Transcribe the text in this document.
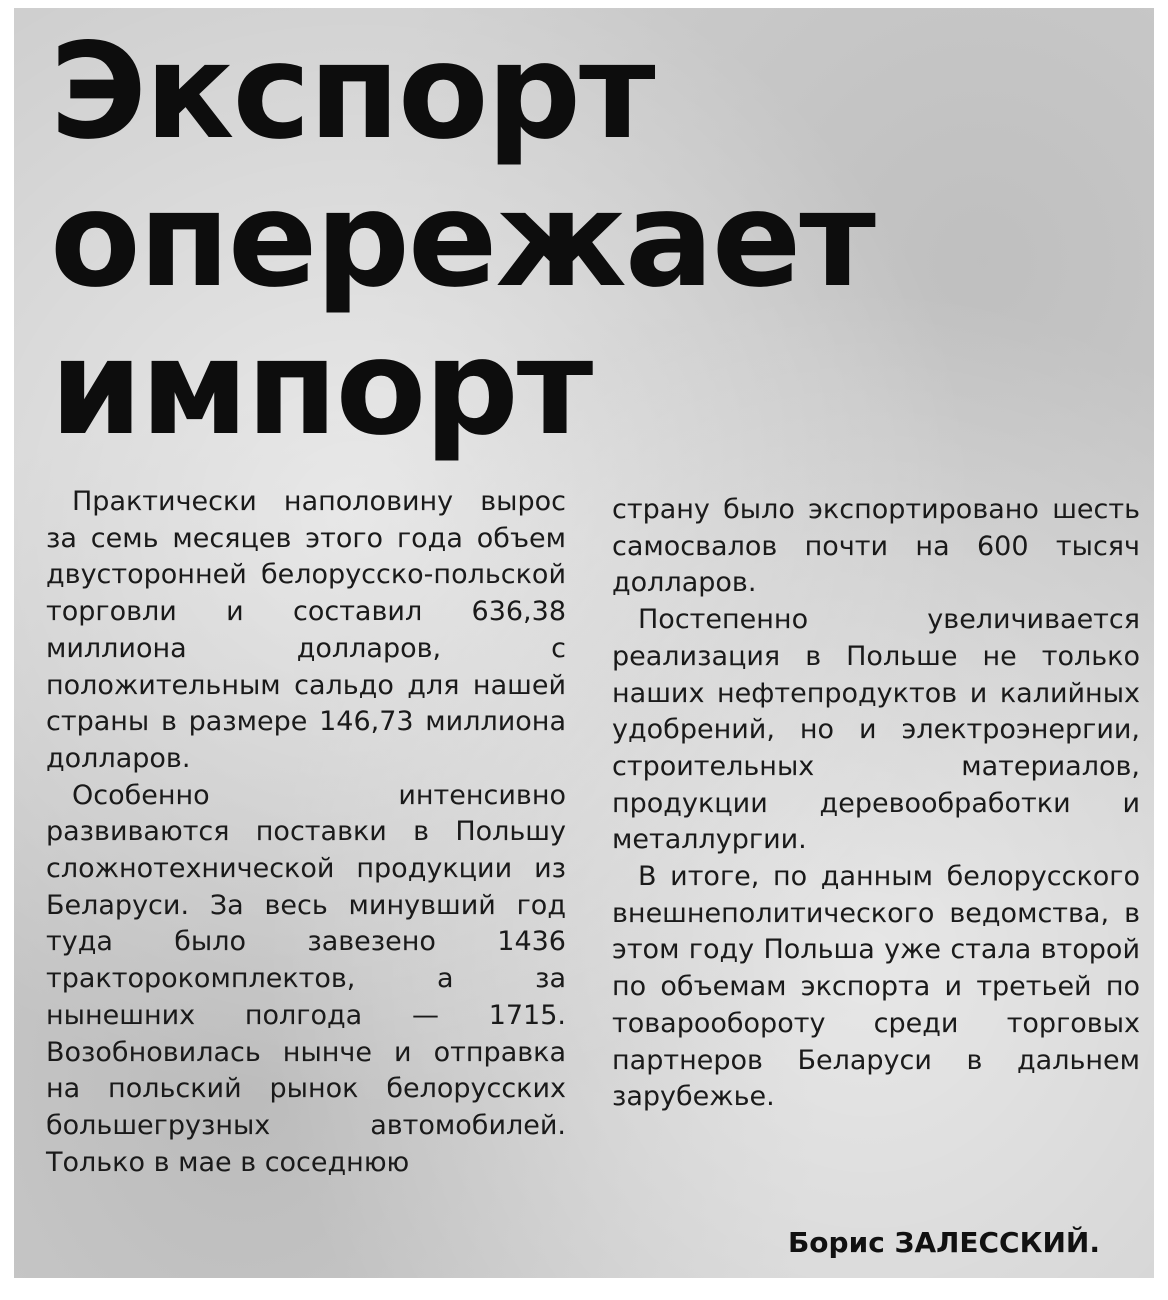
Экспорт
опережает
импорт

Практически наполовину вырос за семь месяцев этого года объем двусторонней белорусско-польской торговли и составил 636,38 миллиона долларов, с положительным сальдо для нашей страны в размере 146,73 миллиона долларов.

Особенно интенсивно развиваются поставки в Польшу сложнотехнической продукции из Беларуси. За весь минувший год туда было завезено 1436 тракторокомплектов, а за нынешних полгода — 1715. Возобновилась нынче и отправка на польский рынок белорусских большегрузных автомобилей. Только в мае в соседнюю

страну было экспортировано шесть самосвалов почти на 600 тысяч долларов.

Постепенно увеличивается реализация в Польше не только наших нефтепродуктов и калийных удобрений, но и электроэнергии, строительных материалов, продукции деревообработки и металлургии.

В итоге, по данным белорусского внешнеполитического ведомства, в этом году Польша уже стала второй по объемам экспорта и третьей по товарообороту среди торговых партнеров Беларуси в дальнем зарубежье.

Борис ЗАЛЕССКИЙ.
